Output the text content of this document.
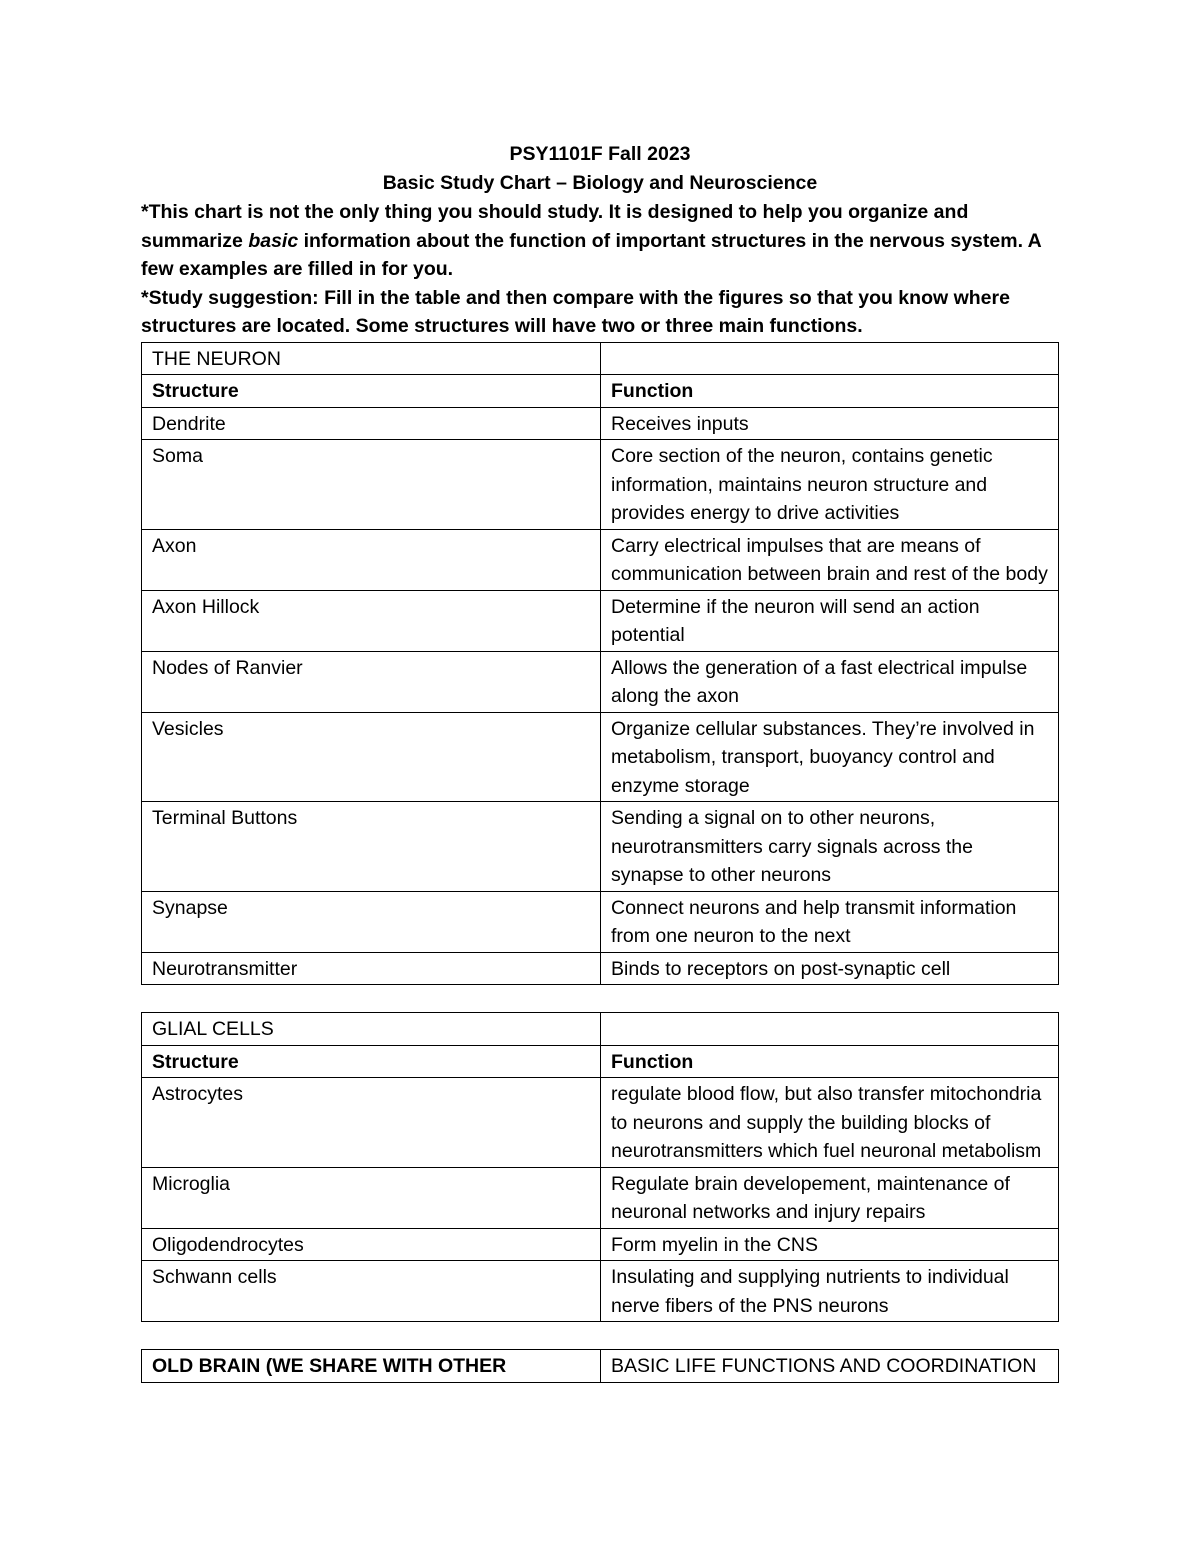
PSY1101F Fall 2023
Basic Study Chart – Biology and Neuroscience

*This chart is not the only thing you should study. It is designed to help you organize and summarize basic information about the function of important structures in the nervous system. A few examples are filled in for you.

*Study suggestion: Fill in the table and then compare with the figures so that you know where structures are located. Some structures will have two or three main functions.

THE NEURON	
Structure	Function
Dendrite	Receives inputs
Soma	Core section of the neuron, contains genetic information, maintains neuron structure and provides energy to drive activities
Axon	Carry electrical impulses that are means of communication between brain and rest of the body
Axon Hillock	Determine if the neuron will send an action potential
Nodes of Ranvier	Allows the generation of a fast electrical impulse along the axon
Vesicles	Organize cellular substances. They’re involved in metabolism, transport, buoyancy control and enzyme storage
Terminal Buttons	Sending a signal on to other neurons, neurotransmitters carry signals across the synapse to other neurons
Synapse	Connect neurons and help transmit information from one neuron to the next
Neurotransmitter	Binds to receptors on post-synaptic cell
GLIAL CELLS	
Structure	Function
Astrocytes	regulate blood flow, but also transfer mitochondria to neurons and supply the building blocks of neurotransmitters which fuel neuronal metabolism
Microglia	Regulate brain developement, maintenance of neuronal networks and injury repairs
Oligodendrocytes	Form myelin in the CNS
Schwann cells	Insulating and supplying nutrients to individual nerve fibers of the PNS neurons
OLD BRAIN (WE SHARE WITH OTHER	BASIC LIFE FUNCTIONS AND COORDINATION
